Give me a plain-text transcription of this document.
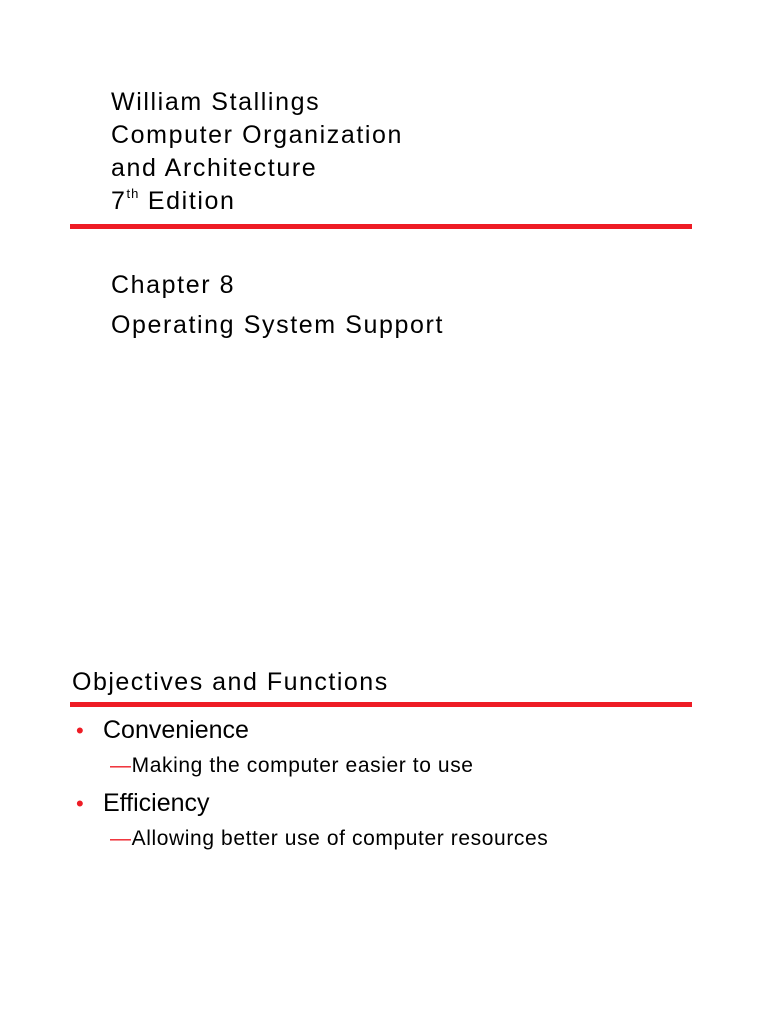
William Stallings
Computer Organization
and Architecture
7th Edition
Chapter 8
Operating System Support
Objectives and Functions
• Convenience
—Making the computer easier to use
• Efficiency
—Allowing better use of computer resources
